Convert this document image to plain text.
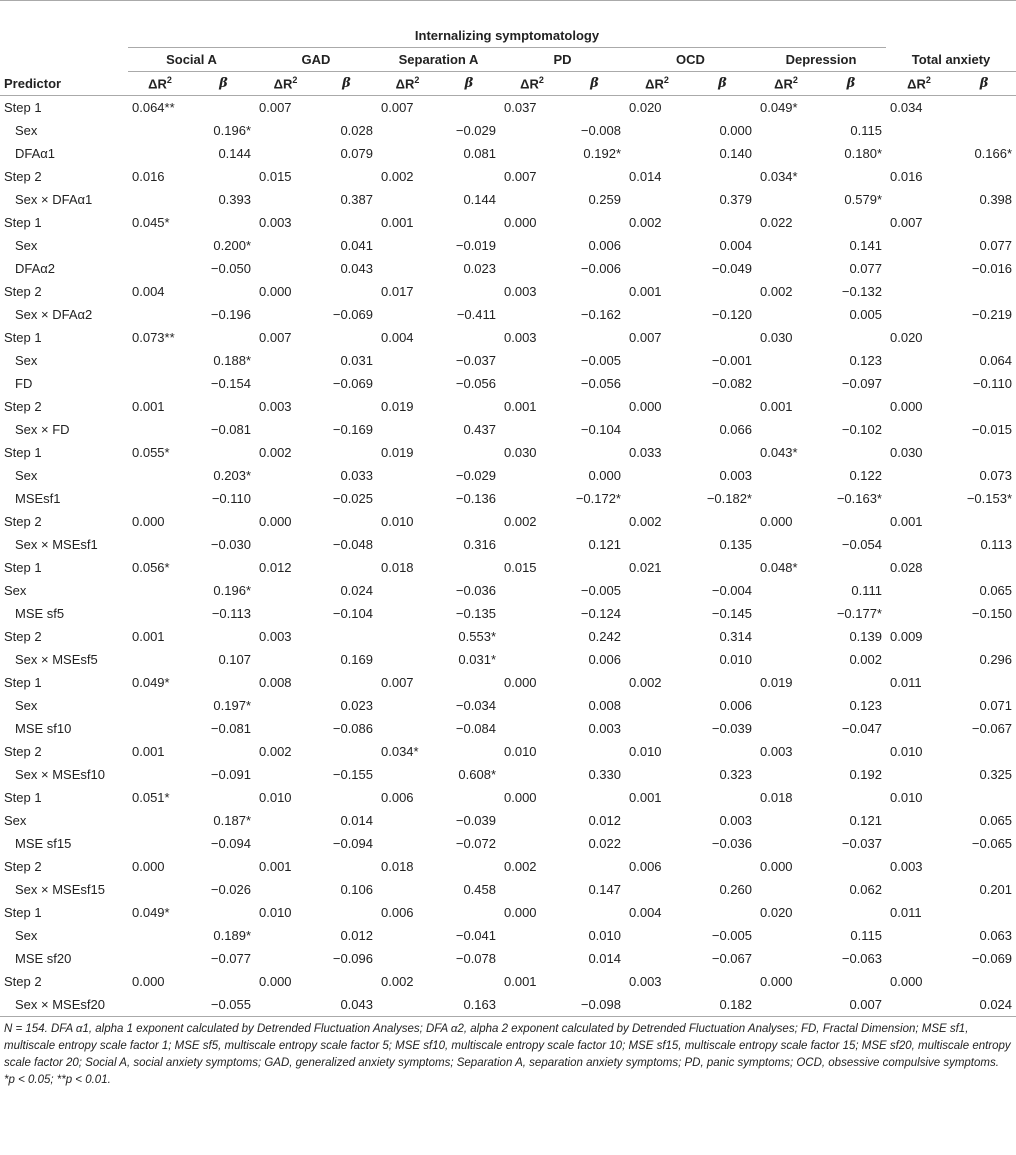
	Internalizing symptomatology													
	Social A		GAD		Separation A		PD		OCD		Depression		Total anxiety	
Predictor	$\Delta R^2$	β	$\Delta R^2$	β	$\Delta R^2$	β	$\Delta R^2$	β	$\Delta R^2$	β	$\Delta R^2$	β	$\Delta R^2$	β
Step 1	0.064**		0.007		0.007		0.037		0.020		0.049*		0.034	
Sex		0.196*		0.028		−0.029		−0.008		0.000		0.115		
DFAα1		0.144		0.079		0.081		0.192*		0.140		0.180*		0.166*
Step 2	0.016		0.015		0.002		0.007		0.014		0.034*		0.016	
Sex × DFAα1		0.393		0.387		0.144		0.259		0.379		0.579*		0.398
Step 1	0.045*		0.003		0.001		0.000		0.002		0.022		0.007	
Sex		0.200*		0.041		−0.019		0.006		0.004		0.141		0.077
DFAα2		−0.050		0.043		0.023		−0.006		−0.049		0.077		−0.016
Step 2	0.004		0.000		0.017		0.003		0.001		0.002	−0.132		
Sex × DFAα2		−0.196		−0.069		−0.411		−0.162		−0.120		0.005		−0.219
Step 1	0.073**		0.007		0.004		0.003		0.007		0.030		0.020	
Sex		0.188*		0.031		−0.037		−0.005		−0.001		0.123		0.064
FD		−0.154		−0.069		−0.056		−0.056		−0.082		−0.097		−0.110
Step 2	0.001		0.003		0.019		0.001		0.000		0.001		0.000	
Sex × FD		−0.081		−0.169		0.437		−0.104		0.066		−0.102		−0.015
Step 1	0.055*		0.002		0.019		0.030		0.033		0.043*		0.030	
Sex		0.203*		0.033		−0.029		0.000		0.003		0.122		0.073
MSEsf1		−0.110		−0.025		−0.136		−0.172*		−0.182*		−0.163*		−0.153*
Step 2	0.000		0.000		0.010		0.002		0.002		0.000		0.001	
Sex × MSEsf1		−0.030		−0.048		0.316		0.121		0.135		−0.054		0.113
Step 1	0.056*		0.012		0.018		0.015		0.021		0.048*		0.028	
Sex		0.196*		0.024		−0.036		−0.005		−0.004		0.111		0.065
MSE sf5		−0.113		−0.104		−0.135		−0.124		−0.145		−0.177*		−0.150
Step 2	0.001		0.003			0.553*		0.242		0.314		0.139	0.009	
Sex × MSEsf5		0.107		0.169		0.031*		0.006		0.010		0.002		0.296
Step 1	0.049*		0.008		0.007		0.000		0.002		0.019		0.011	
Sex		0.197*		0.023		−0.034		0.008		0.006		0.123		0.071
MSE sf10		−0.081		−0.086		−0.084		0.003		−0.039		−0.047		−0.067
Step 2	0.001		0.002		0.034*		0.010		0.010		0.003		0.010	
Sex × MSEsf10		−0.091		−0.155		0.608*		0.330		0.323		0.192		0.325
Step 1	0.051*		0.010		0.006		0.000		0.001		0.018		0.010	
Sex		0.187*		0.014		−0.039		0.012		0.003		0.121		0.065
MSE sf15		−0.094		−0.094		−0.072		0.022		−0.036		−0.037		−0.065
Step 2	0.000		0.001		0.018		0.002		0.006		0.000		0.003	
Sex × MSEsf15		−0.026		0.106		0.458		0.147		0.260		0.062		0.201
Step 1	0.049*		0.010		0.006		0.000		0.004		0.020		0.011	
Sex		0.189*		0.012		−0.041		0.010		−0.005		0.115		0.063
MSE sf20		−0.077		−0.096		−0.078		0.014		−0.067		−0.063		−0.069
Step 2	0.000		0.000		0.002		0.001		0.003		0.000		0.000	
Sex × MSEsf20		−0.055		0.043		0.163		−0.098		0.182		0.007		0.024
N = 154. DFA α1, alpha 1 exponent calculated by Detrended Fluctuation Analyses; DFA α2, alpha 2 exponent calculated by Detrended Fluctuation Analyses; FD, Fractal Dimension; MSE sf1, multiscale entropy scale factor 1; MSE sf5, multiscale entropy scale factor 5; MSE sf10, multiscale entropy scale factor 10; MSE sf15, multiscale entropy scale factor 15; MSE sf20, multiscale entropy scale factor 20; Social A, social anxiety symptoms; GAD, generalized anxiety symptoms; Separation A, separation anxiety symptoms; PD, panic symptoms; OCD, obsessive compulsive symptoms.
*p < 0.05; **p < 0.01.
